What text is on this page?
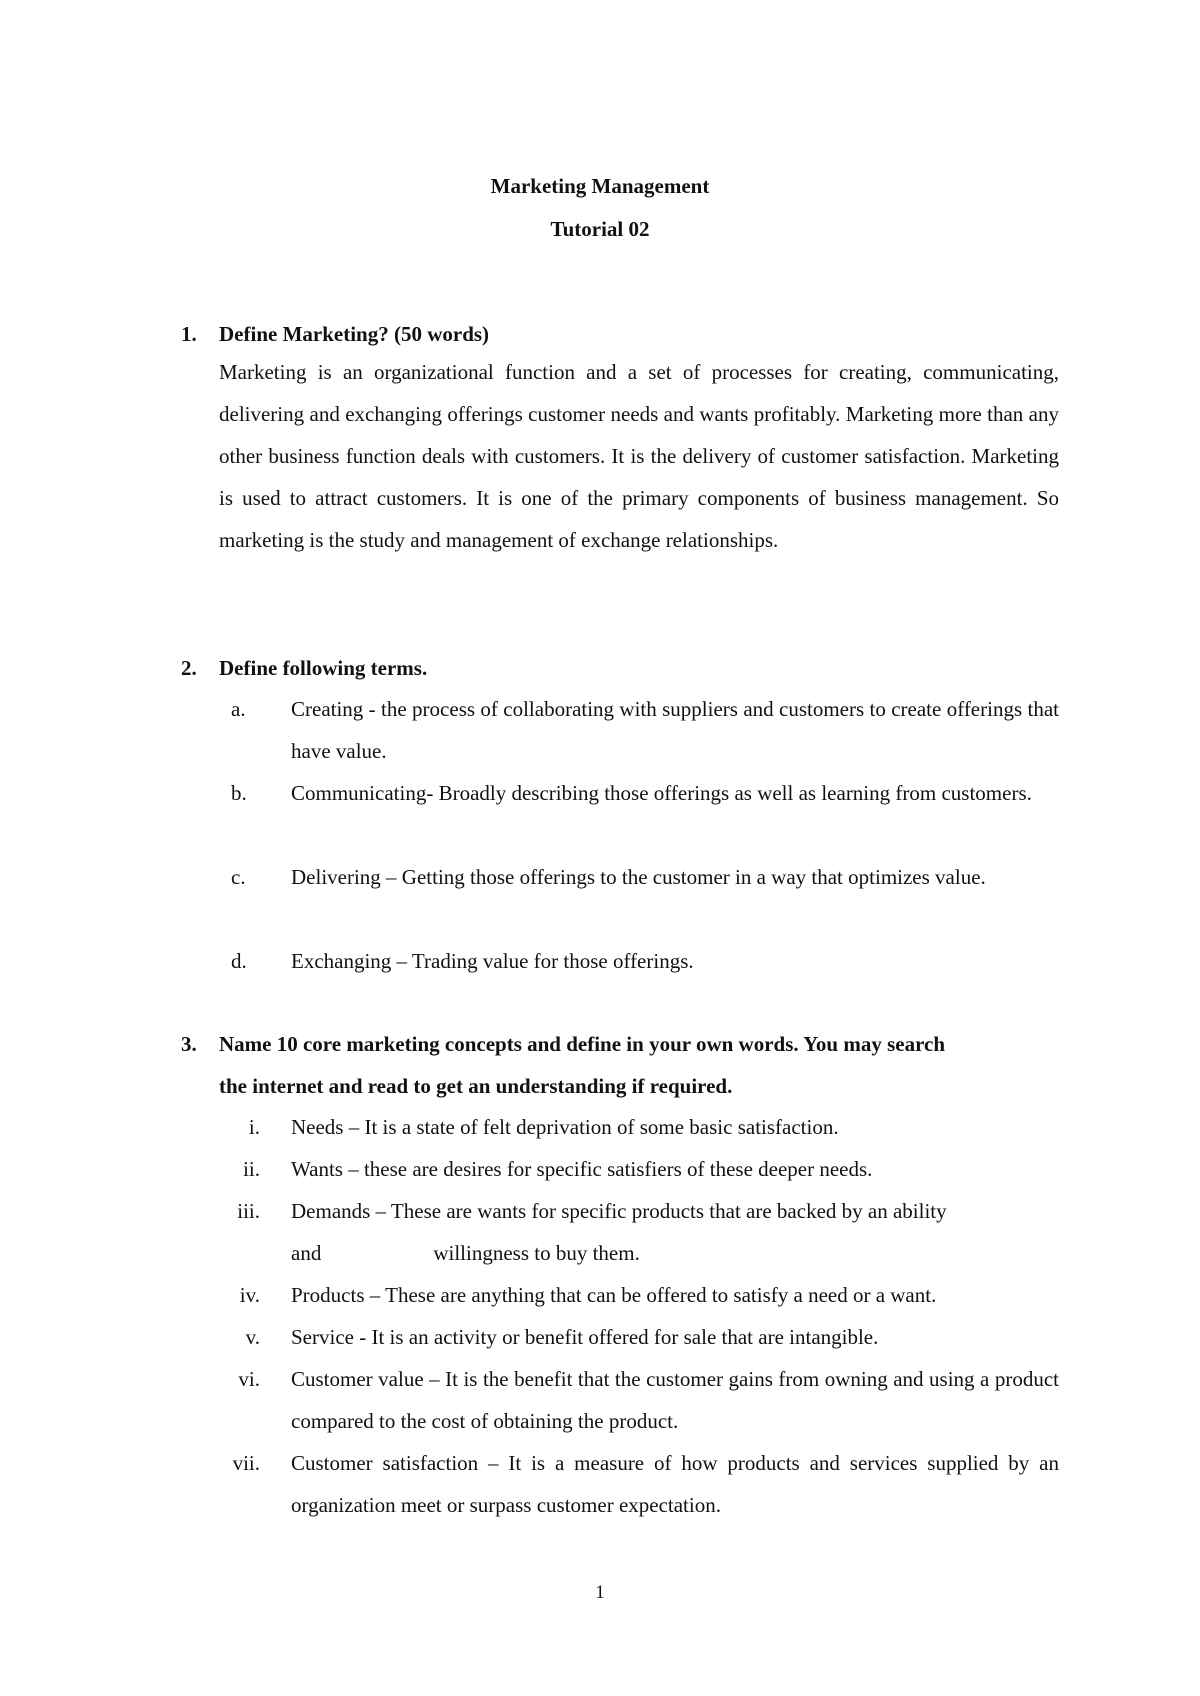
Marketing Management
Tutorial 02
1. Define Marketing? (50 words)
Marketing is an organizational function and a set of processes for creating, communicating, delivering and exchanging offerings customer needs and wants profitably. Marketing more than any other business function deals with customers. It is the delivery of customer satisfaction. Marketing is used to attract customers. It is one of the primary components of business management. So marketing is the study and management of exchange relationships.
2. Define following terms.
a.	Creating - the process of collaborating with suppliers and customers to create offerings that have value.
b.	Communicating- Broadly describing those offerings as well as learning from customers.
c.	Delivering – Getting those offerings to the customer in a way that optimizes value.
d.	Exchanging – Trading value for those offerings.
3. Name 10 core marketing concepts and define in your own words. You may search
the internet and read to get an understanding if required.
i. Needs – It is a state of felt deprivation of some basic satisfaction.
ii. Wants – these are desires for specific satisfiers of these deeper needs.
iii. Demands – These are wants for specific products that are backed by an ability
and	willingness to buy them.
iv. Products – These are anything that can be offered to satisfy a need or a want.
v. Service - It is an activity or benefit offered for sale that are intangible.
vi. Customer value – It is the benefit that the customer gains from owning and using a product compared to the cost of obtaining the product.
vii. Customer satisfaction – It is a measure of how products and services supplied by an organization meet or surpass customer expectation.
1
